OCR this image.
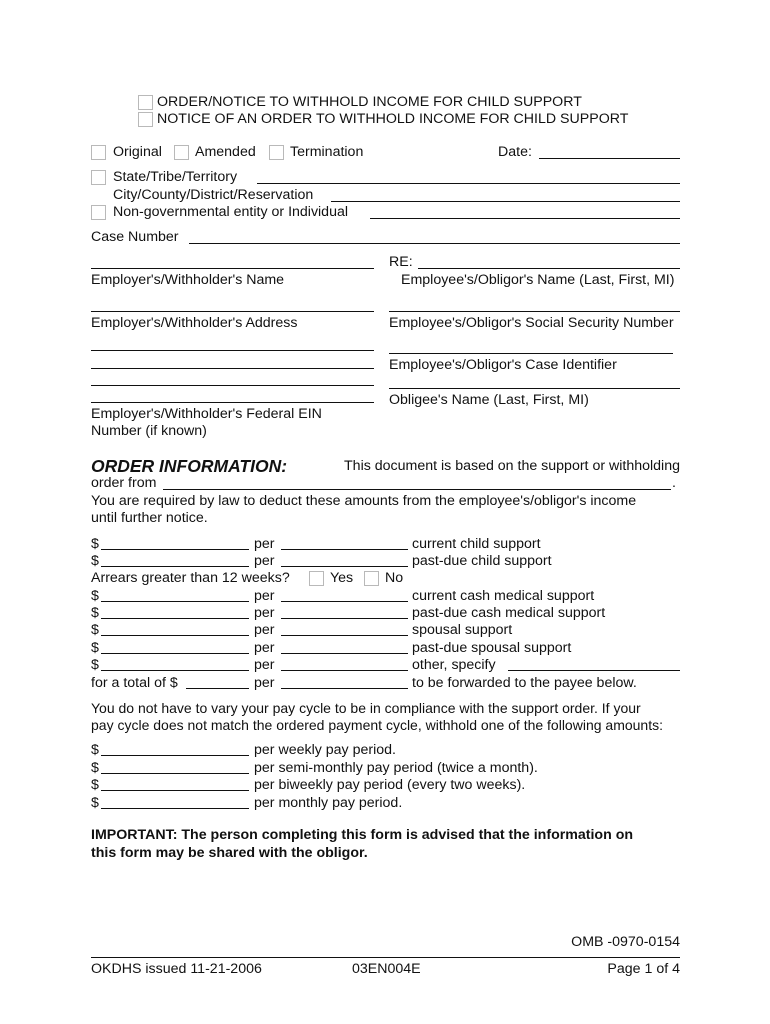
ORDER/NOTICE TO WITHHOLD INCOME FOR CHILD SUPPORT
NOTICE OF AN ORDER TO WITHHOLD INCOME FOR CHILD SUPPORT
Original Amended Termination	Date:
State/Tribe/Territory
City/County/District/Reservation
Non-governmental entity or Individual
Case Number
Employer's/Withholder's Name
RE:
Employee's/Obligor's Name (Last, First, MI)
Employer's/Withholder's Address	Employee's/Obligor's Social Security Number
Employee's/Obligor's Case Identifier
Obligee's Name (Last, First, MI)
Employer's/Withholder's Federal EIN
Number (if known)
ORDER INFORMATION:	This document is based on the support or withholding
order from	.
You are required by law to deduct these amounts from the employee's/obligor's income
until further notice.
$	per	current child support
$	per	past-due child support
Arrears greater than 12 weeks?	Yes No
$	per	current cash medical support
$	per	past-due cash medical support
$	per	spousal support
$	per	past-due spousal support
$	per	other, specify
for a total of $	per	to be forwarded to the payee below.
You do not have to vary your pay cycle to be in compliance with the support order. If your
pay cycle does not match the ordered payment cycle, withhold one of the following amounts:
$	per weekly pay period.
$	per semi-monthly pay period (twice a month).
$	per biweekly pay period (every two weeks).
$	per monthly pay period.
IMPORTANT: The person completing this form is advised that the information on
this form may be shared with the obligor.
OMB -0970-0154
OKDHS issued 11-21-2006	03EN004E	Page 1 of 4
